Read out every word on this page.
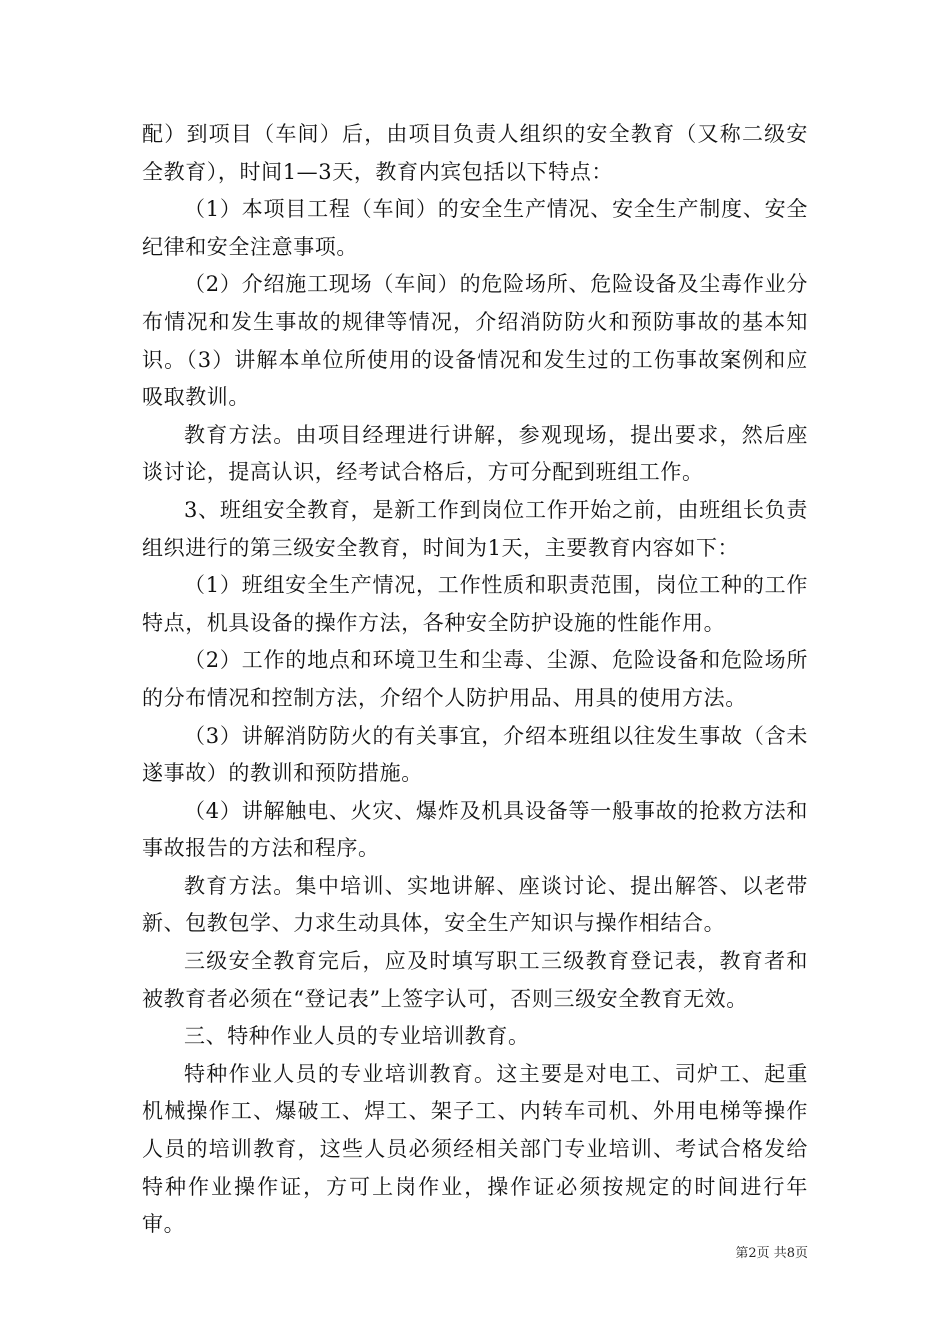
配）到项目（车间）后，由项目负责人组织的安全教育（又称二级安全教育），时间1—3天，教育内宾包括以下特点：

（1）本项目工程（车间）的安全生产情况、安全生产制度、安全纪律和安全注意事项。

（2）介绍施工现场（车间）的危险场所、危险设备及尘毒作业分布情况和发生事故的规律等情况，介绍消防防火和预防事故的基本知识。（3）讲解本单位所使用的设备情况和发生过的工伤事故案例和应吸取教训。

教育方法。由项目经理进行讲解，参观现场，提出要求，然后座谈讨论，提高认识，经考试合格后，方可分配到班组工作。

3、班组安全教育，是新工作到岗位工作开始之前，由班组长负责组织进行的第三级安全教育，时间为1天，主要教育内容如下：

（1）班组安全生产情况，工作性质和职责范围，岗位工种的工作特点，机具设备的操作方法，各种安全防护设施的性能作用。

（2）工作的地点和环境卫生和尘毒、尘源、危险设备和危险场所的分布情况和控制方法，介绍个人防护用品、用具的使用方法。

（3）讲解消防防火的有关事宜，介绍本班组以往发生事故（含未遂事故）的教训和预防措施。

（4）讲解触电、火灾、爆炸及机具设备等一般事故的抢救方法和事故报告的方法和程序。

教育方法。集中培训、实地讲解、座谈讨论、提出解答、以老带新、包教包学、力求生动具体，安全生产知识与操作相结合。

三级安全教育完后，应及时填写职工三级教育登记表，教育者和被教育者必须在“登记表”上签字认可，否则三级安全教育无效。

三、特种作业人员的专业培训教育。

特种作业人员的专业培训教育。这主要是对电工、司炉工、起重机械操作工、爆破工、焊工、架子工、内转车司机、外用电梯等操作人员的培训教育，这些人员必须经相关部门专业培训、考试合格发给特种作业操作证，方可上岗作业，操作证必须按规定的时间进行年审。

第2页 共8页
